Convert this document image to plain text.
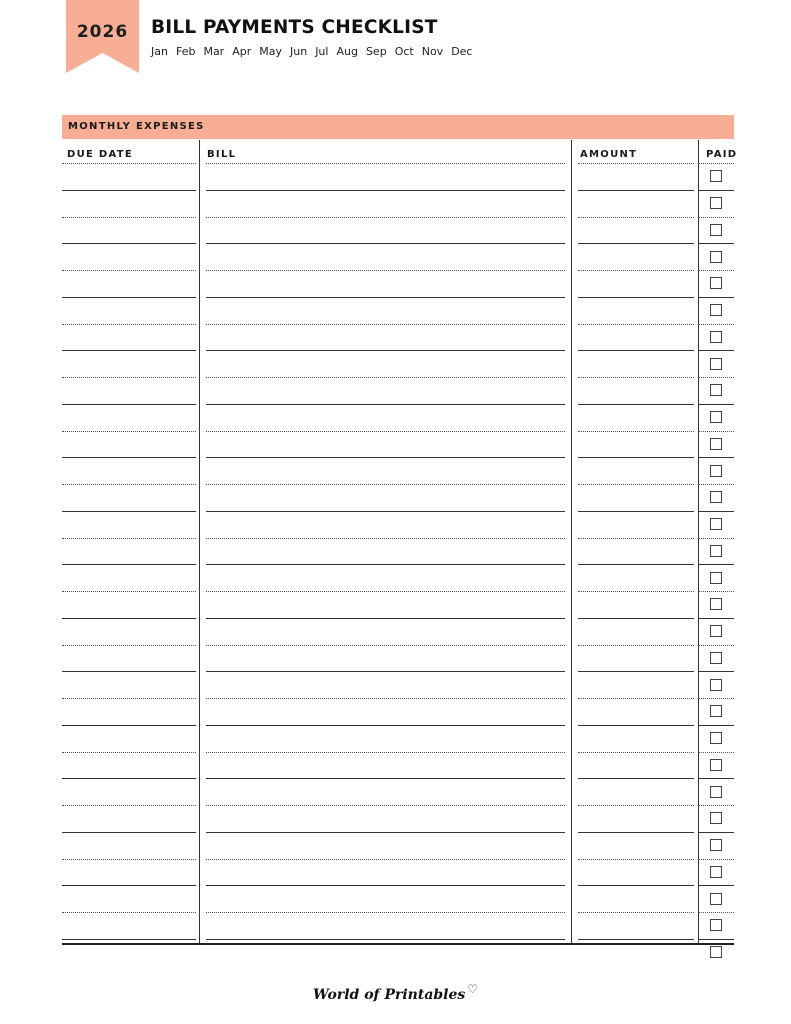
2026	BILL PAYMENTS CHECKLIST
Jan Feb Mar Apr May Jun Jul Aug Sep Oct Nov Dec
MONTHLY EXPENSES
DUE DATE	BILL	AMOUNT	PAID
World of Printables ♡
